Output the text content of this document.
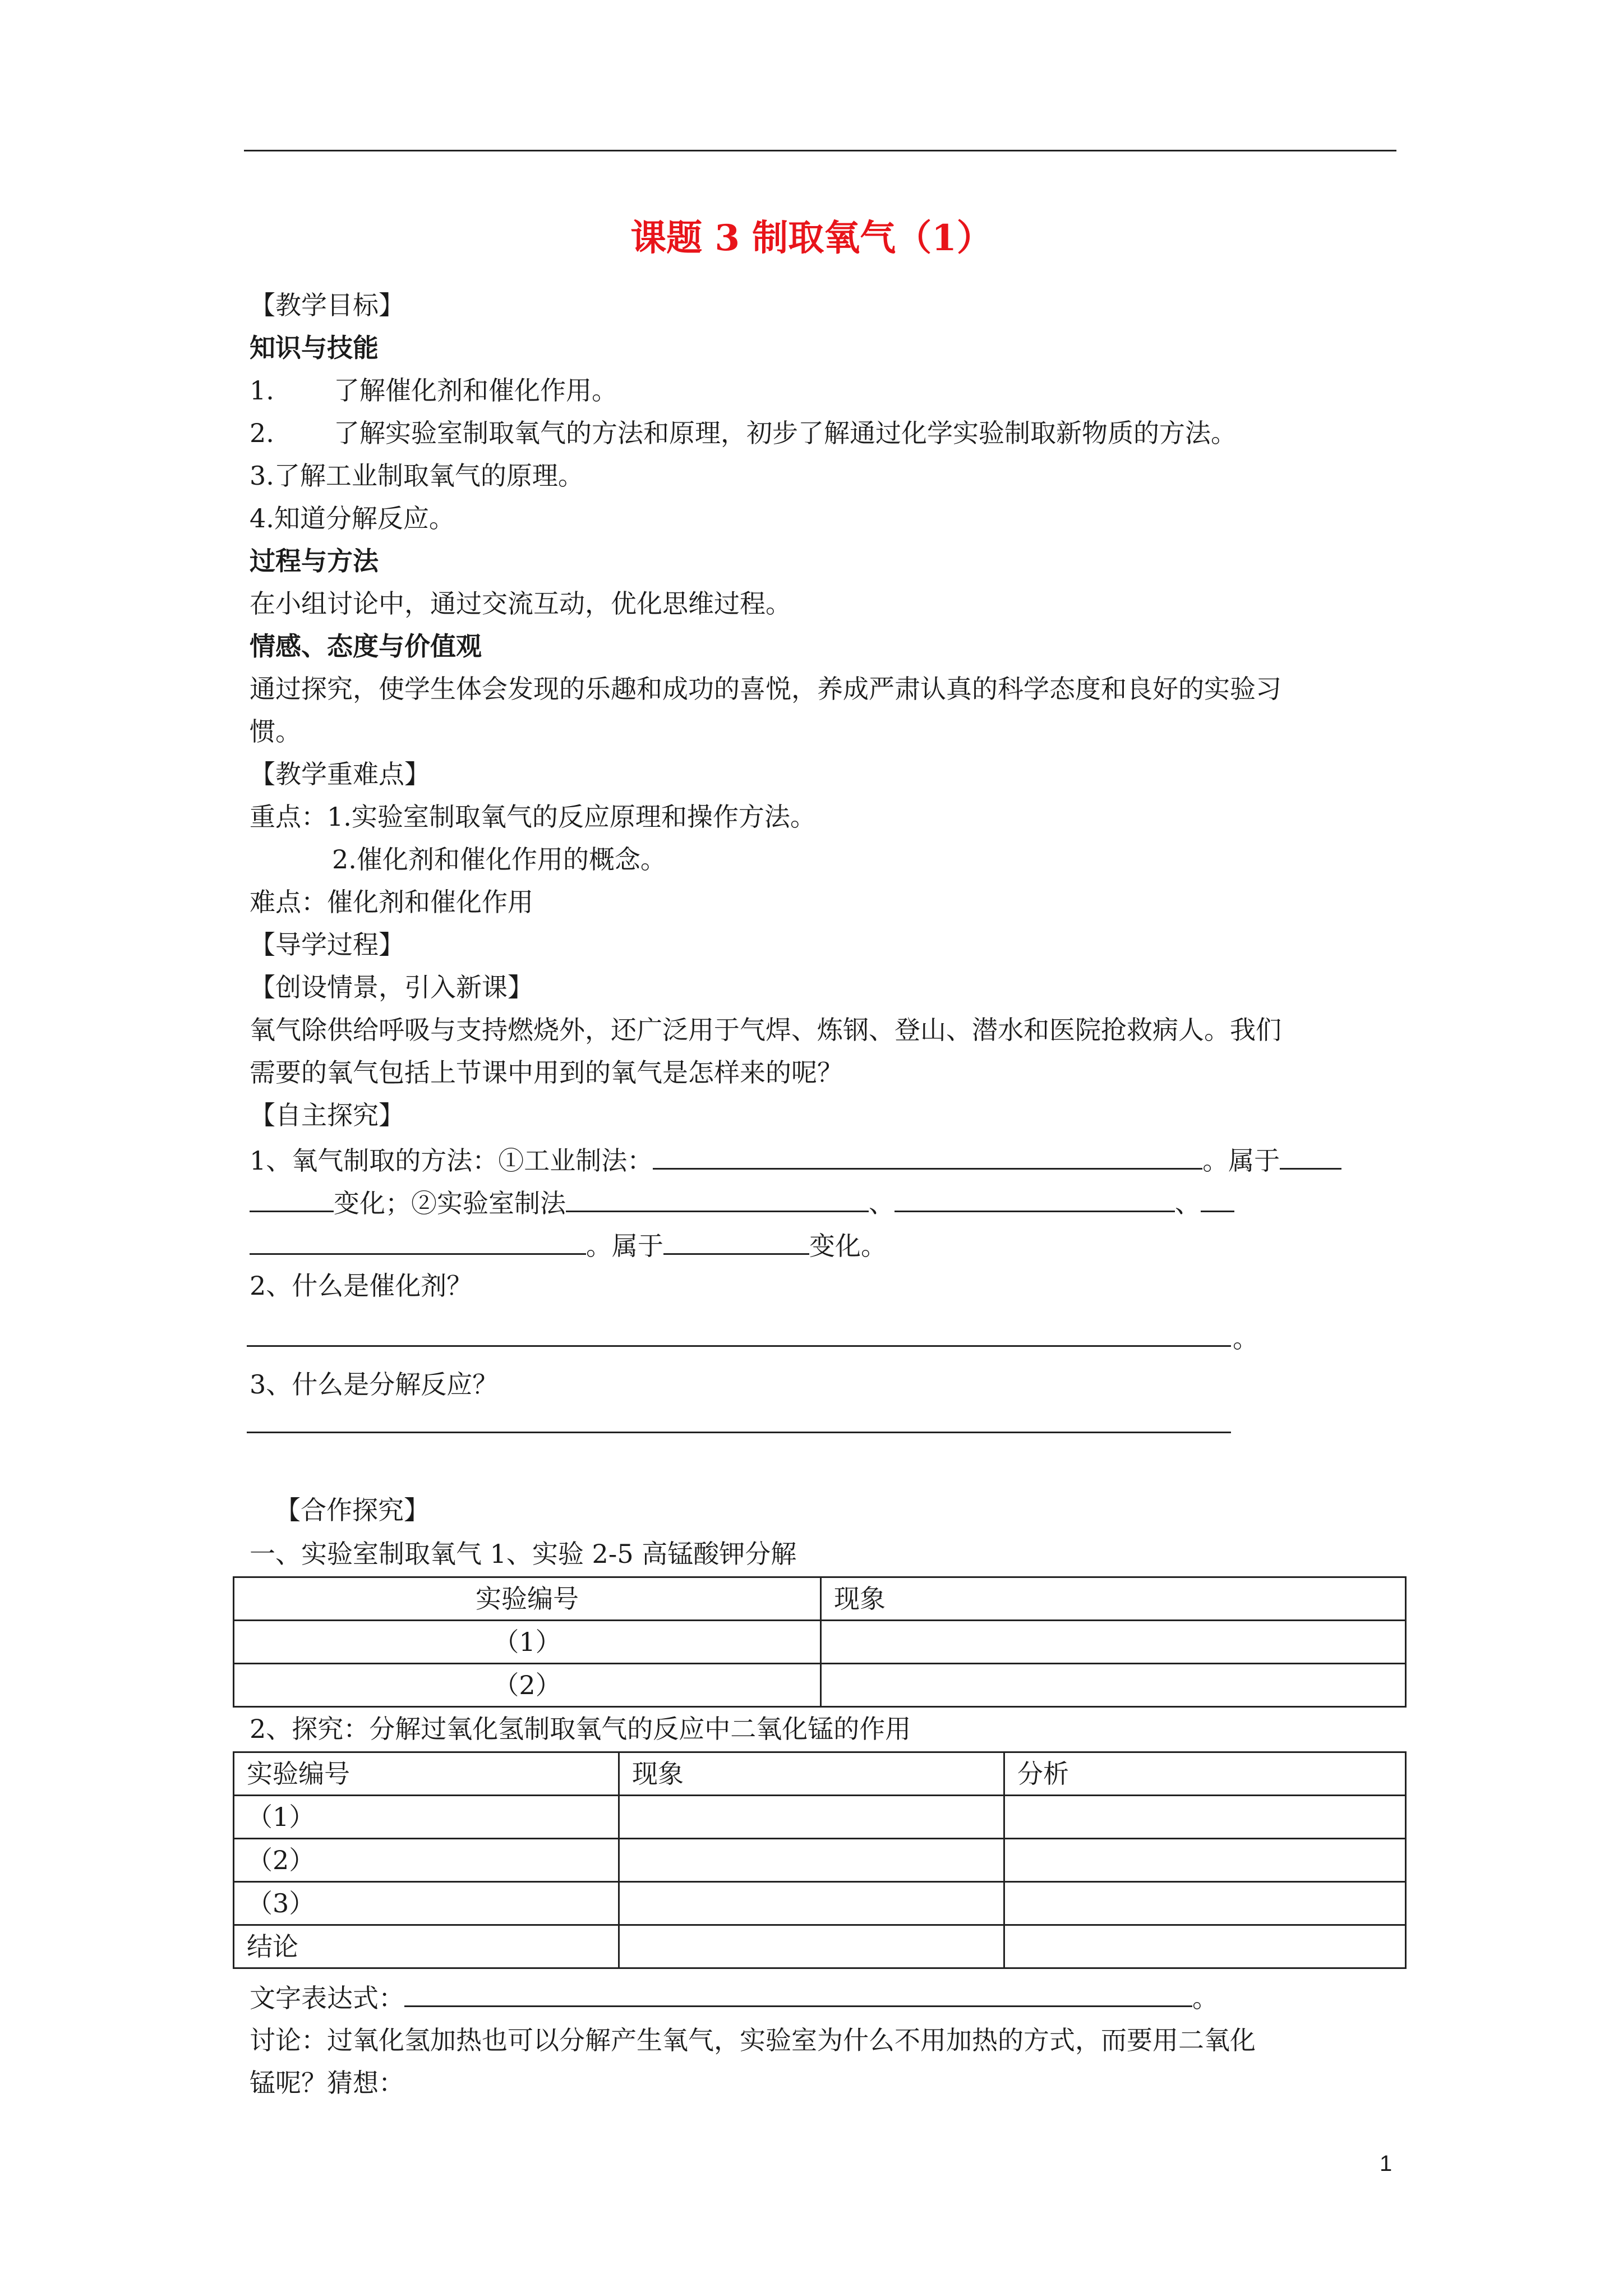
课题 3 制取氧气（1）
【教学目标】
知识与技能
1. 了解催化剂和催化作用。
2. 了解实验室制取氧气的方法和原理，初步了解通过化学实验制取新物质的方法。
3.了解工业制取氧气的原理。
4.知道分解反应。
过程与方法
在小组讨论中，通过交流互动，优化思维过程。
情感、态度与价值观
通过探究，使学生体会发现的乐趣和成功的喜悦，养成严肃认真的科学态度和良好的实验习
惯。
【教学重难点】
重点：1.实验室制取氧气的反应原理和操作方法。
2.催化剂和催化作用的概念。
难点：催化剂和催化作用
【导学过程】
【创设情景，引入新课】
氧气除供给呼吸与支持燃烧外，还广泛用于气焊、炼钢、登山、潜水和医院抢救病人。我们
需要的氧气包括上节课中用到的氧气是怎样来的呢？
【自主探究】
1、氧气制取的方法：①工业制法：	。属于
变化；②实验室制法	、	、
。属于	变化。
2、什么是催化剂？
。
3、什么是分解反应？
【合作探究】
一、实验室制取氧气 1、实验 2-5 高锰酸钾分解
实验编号	现象
（1）	
（2）	
2、探究：分解过氧化氢制取氧气的反应中二氧化锰的作用
实验编号	现象	分析
（1）		
（2）		
（3）		
结论		
文字表达式：	。
讨论：过氧化氢加热也可以分解产生氧气，实验室为什么不用加热的方式，而要用二氧化
锰呢？猜想：
1
